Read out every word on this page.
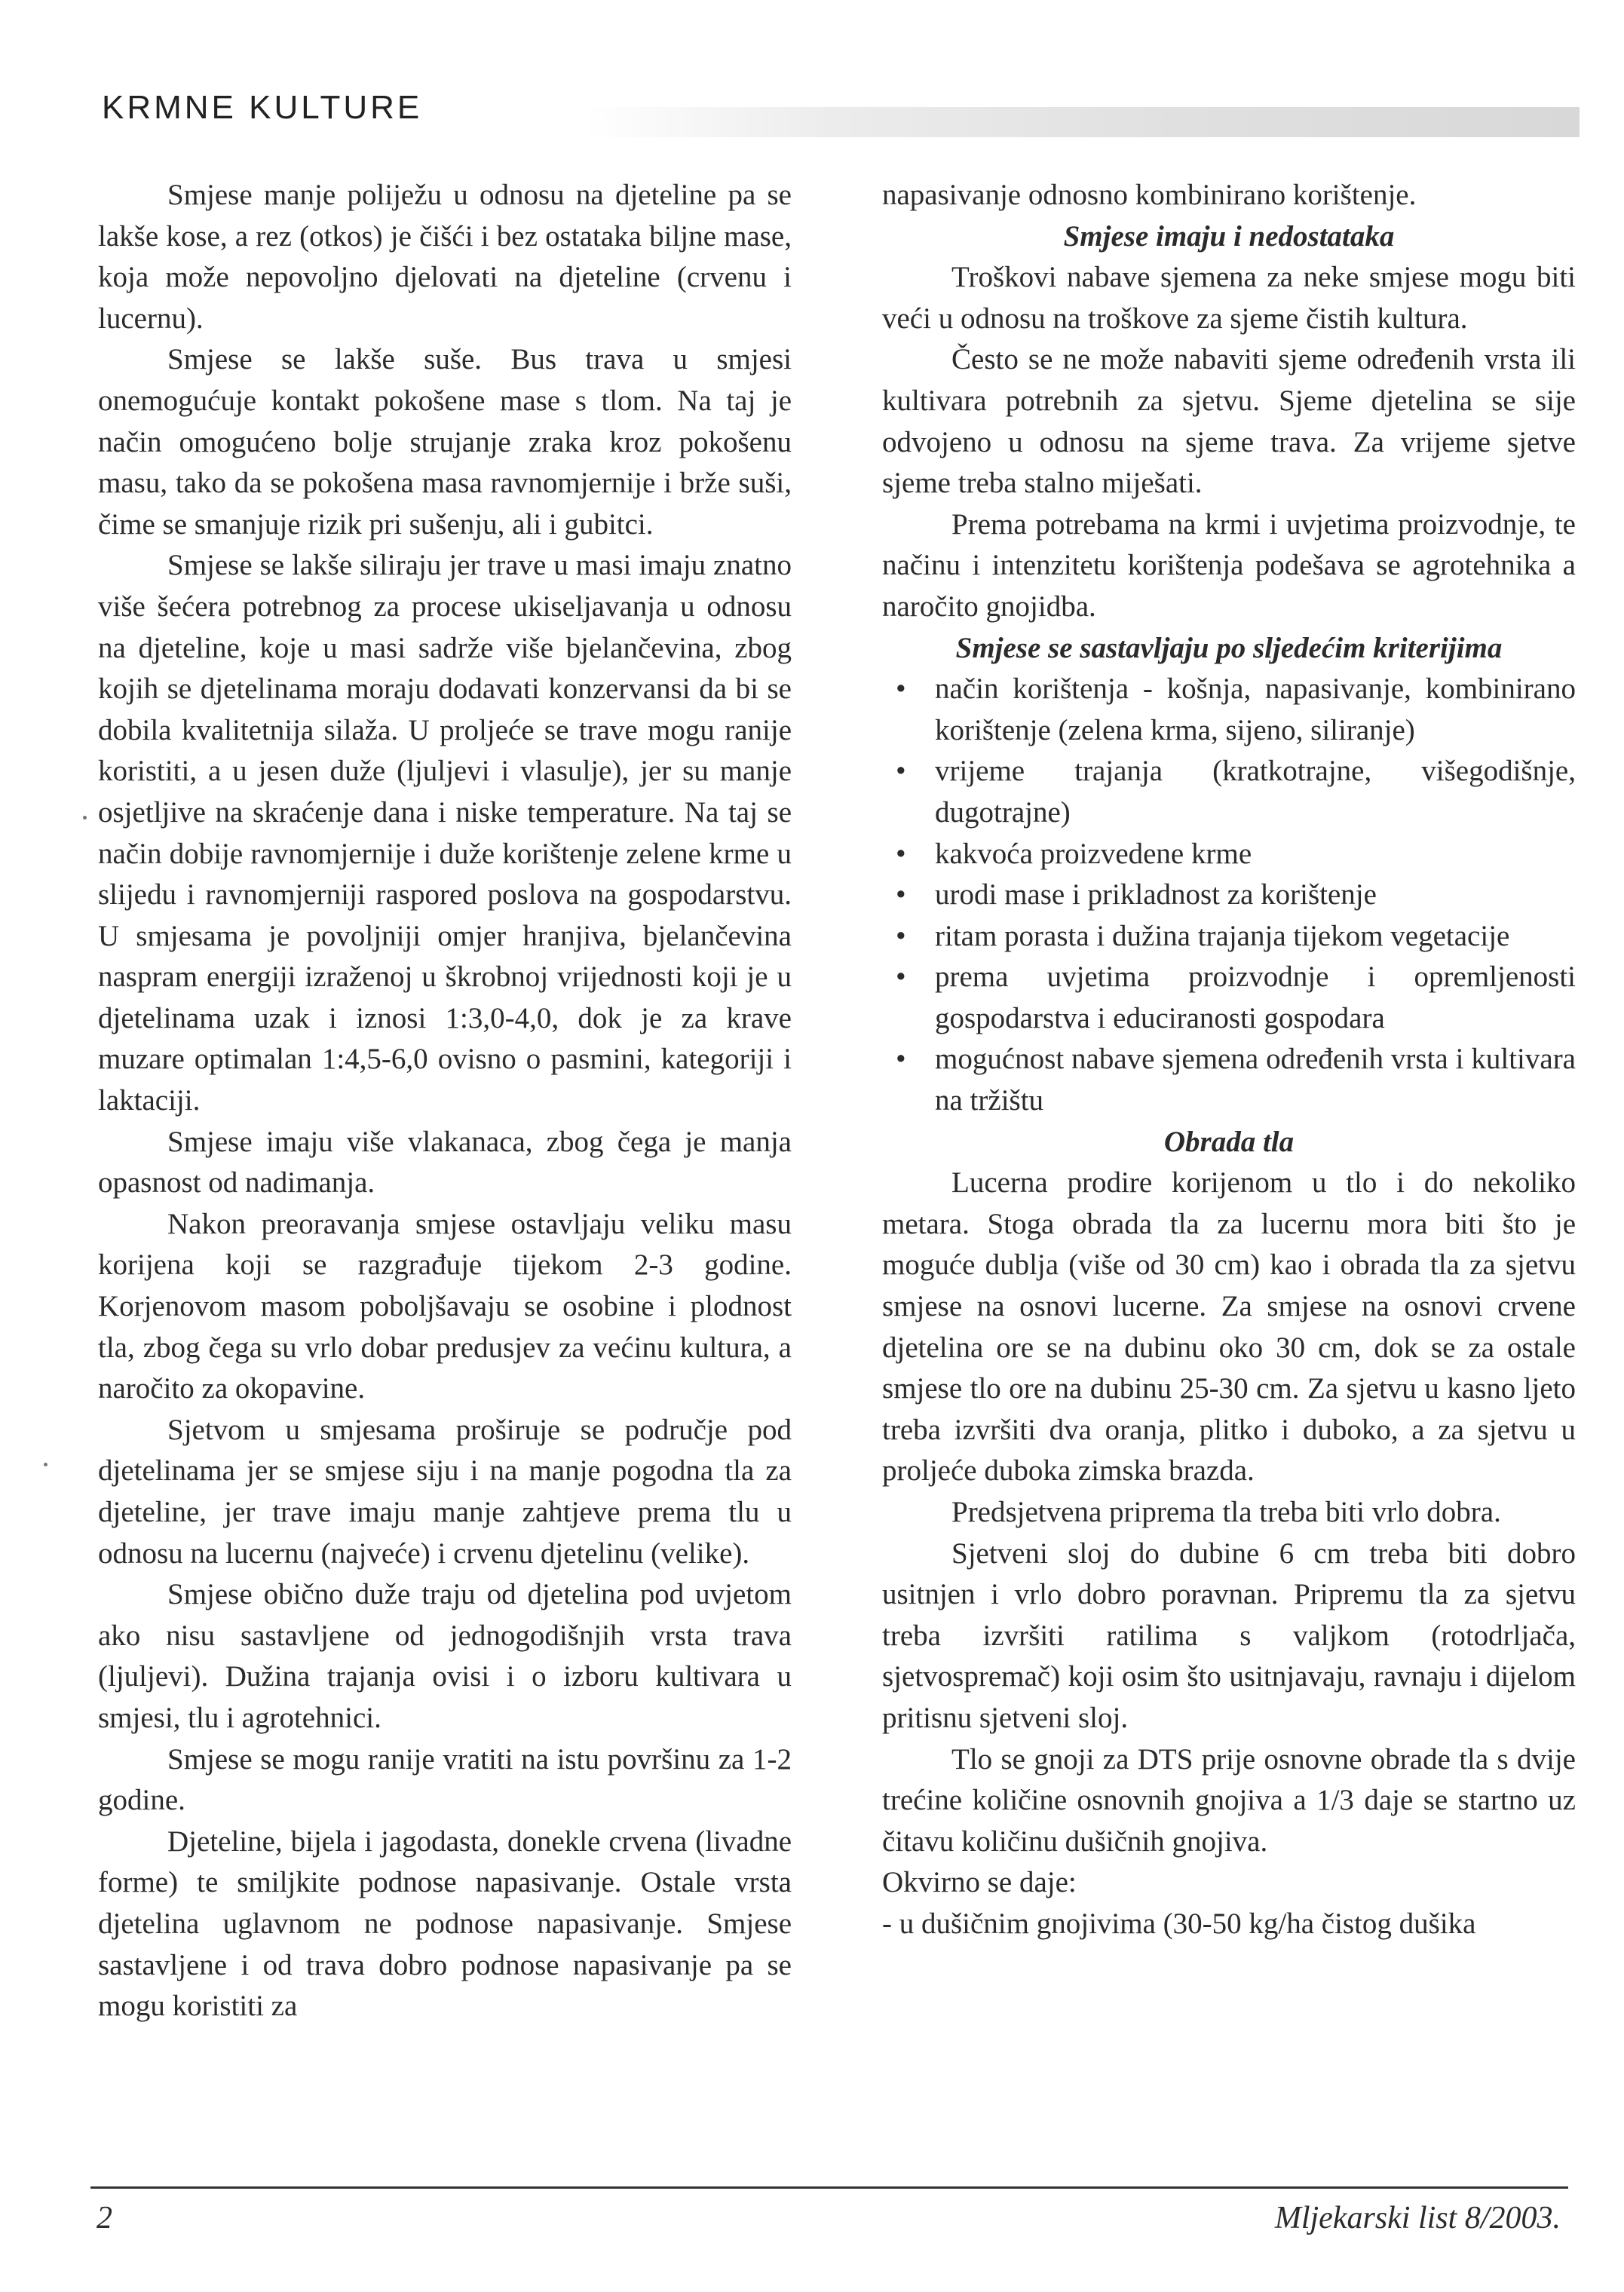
KRMNE KULTURE

Smjese manje poliježu u odnosu na djeteline pa se lakše kose, a rez (otkos) je čišći i bez ostataka biljne mase, koja može nepovoljno djelovati na djeteline (crvenu i lucernu).

Smjese se lakše suše. Bus trava u smjesi onemogućuje kontakt pokošene mase s tlom. Na taj je način omogućeno bolje strujanje zraka kroz pokošenu masu, tako da se pokošena masa ravnomjernije i brže suši, čime se smanjuje rizik pri sušenju, ali i gubitci.

Smjese se lakše siliraju jer trave u masi imaju znatno više šećera potrebnog za procese ukiseljavanja u odnosu na djeteline, koje u masi sadrže više bjelančevina, zbog kojih se djetelinama moraju dodavati konzervansi da bi se dobila kvalitetnija silaža. U proljeće se trave mogu ranije koristiti, a u jesen duže (ljuljevi i vlasulje), jer su manje osjetljive na skraćenje dana i niske temperature. Na taj se način dobije ravnomjernije i duže korištenje zelene krme u slijedu i ravnomjerniji raspored poslova na gospodarstvu. U smjesama je povoljniji omjer hranjiva, bjelančevina naspram energiji izraženoj u škrobnoj vrijednosti koji je u djetelinama uzak i iznosi 1:3,0-4,0, dok je za krave muzare optimalan 1:4,5-6,0 ovisno o pasmini, kategoriji i laktaciji.

Smjese imaju više vlakanaca, zbog čega je manja opasnost od nadimanja.

Nakon preoravanja smjese ostavljaju veliku masu korijena koji se razgrađuje tijekom 2-3 godine. Korjenovom masom poboljšavaju se osobine i plodnost tla, zbog čega su vrlo dobar predusjev za većinu kultura, a naročito za okopavine.

Sjetvom u smjesama proširuje se područje pod djetelinama jer se smjese siju i na manje pogodna tla za djeteline, jer trave imaju manje zahtjeve prema tlu u odnosu na lucernu (najveće) i crvenu djetelinu (velike).

Smjese obično duže traju od djetelina pod uvjetom ako nisu sastavljene od jednogodišnjih vrsta trava (ljuljevi). Dužina trajanja ovisi i o izboru kultivara u smjesi, tlu i agrotehnici.

Smjese se mogu ranije vratiti na istu površinu za 1-2 godine.

Djeteline, bijela i jagodasta, donekle crvena (livadne forme) te smiljkite podnose napasivanje. Ostale vrsta djetelina uglavnom ne podnose napasivanje. Smjese sastavljene i od trava dobro podnose napasivanje pa se mogu koristiti za

napasivanje odnosno kombinirano korištenje.

Smjese imaju i nedostataka

Troškovi nabave sjemena za neke smjese mogu biti veći u odnosu na troškove za sjeme čistih kultura.

Često se ne može nabaviti sjeme određenih vrsta ili kultivara potrebnih za sjetvu. Sjeme djetelina se sije odvojeno u odnosu na sjeme trava. Za vrijeme sjetve sjeme treba stalno miješati.

Prema potrebama na krmi i uvjetima proizvodnje, te načinu i intenzitetu korištenja podešava se agrotehnika a naročito gnojidba.

Smjese se sastavljaju po sljedećim kriterijima

• način korištenja - košnja, napasivanje, kombinirano korištenje (zelena krma, sijeno, siliranje)
• vrijeme trajanja (kratkotrajne, višegodišnje, dugotrajne)
• kakvoća proizvedene krme
• urodi mase i prikladnost za korištenje
• ritam porasta i dužina trajanja tijekom vegetacije
• prema uvjetima proizvodnje i opremljenosti gospodarstva i educiranosti gospodara
• mogućnost nabave sjemena određenih vrsta i kultivara na tržištu

Obrada tla

Lucerna prodire korijenom u tlo i do nekoliko metara. Stoga obrada tla za lucernu mora biti što je moguće dublja (više od 30 cm) kao i obrada tla za sjetvu smjese na osnovi lucerne. Za smjese na osnovi crvene djetelina ore se na dubinu oko 30 cm, dok se za ostale smjese tlo ore na dubinu 25-30 cm. Za sjetvu u kasno ljeto treba izvršiti dva oranja, plitko i duboko, a za sjetvu u proljeće duboka zimska brazda.

Predsjetvena priprema tla treba biti vrlo dobra.

Sjetveni sloj do dubine 6 cm treba biti dobro usitnjen i vrlo dobro poravnan. Pripremu tla za sjetvu treba izvršiti ratilima s valjkom (rotodrljača, sjetvospremač) koji osim što usitnjavaju, ravnaju i dijelom pritisnu sjetveni sloj.

Tlo se gnoji za DTS prije osnovne obrade tla s dvije trećine količine osnovnih gnojiva a 1/3 daje se startno uz čitavu količinu dušičnih gnojiva.

Okvirno se daje:

- u dušičnim gnojivima (30-50 kg/ha čistog dušika

2	Mljekarski list 8/2003.
